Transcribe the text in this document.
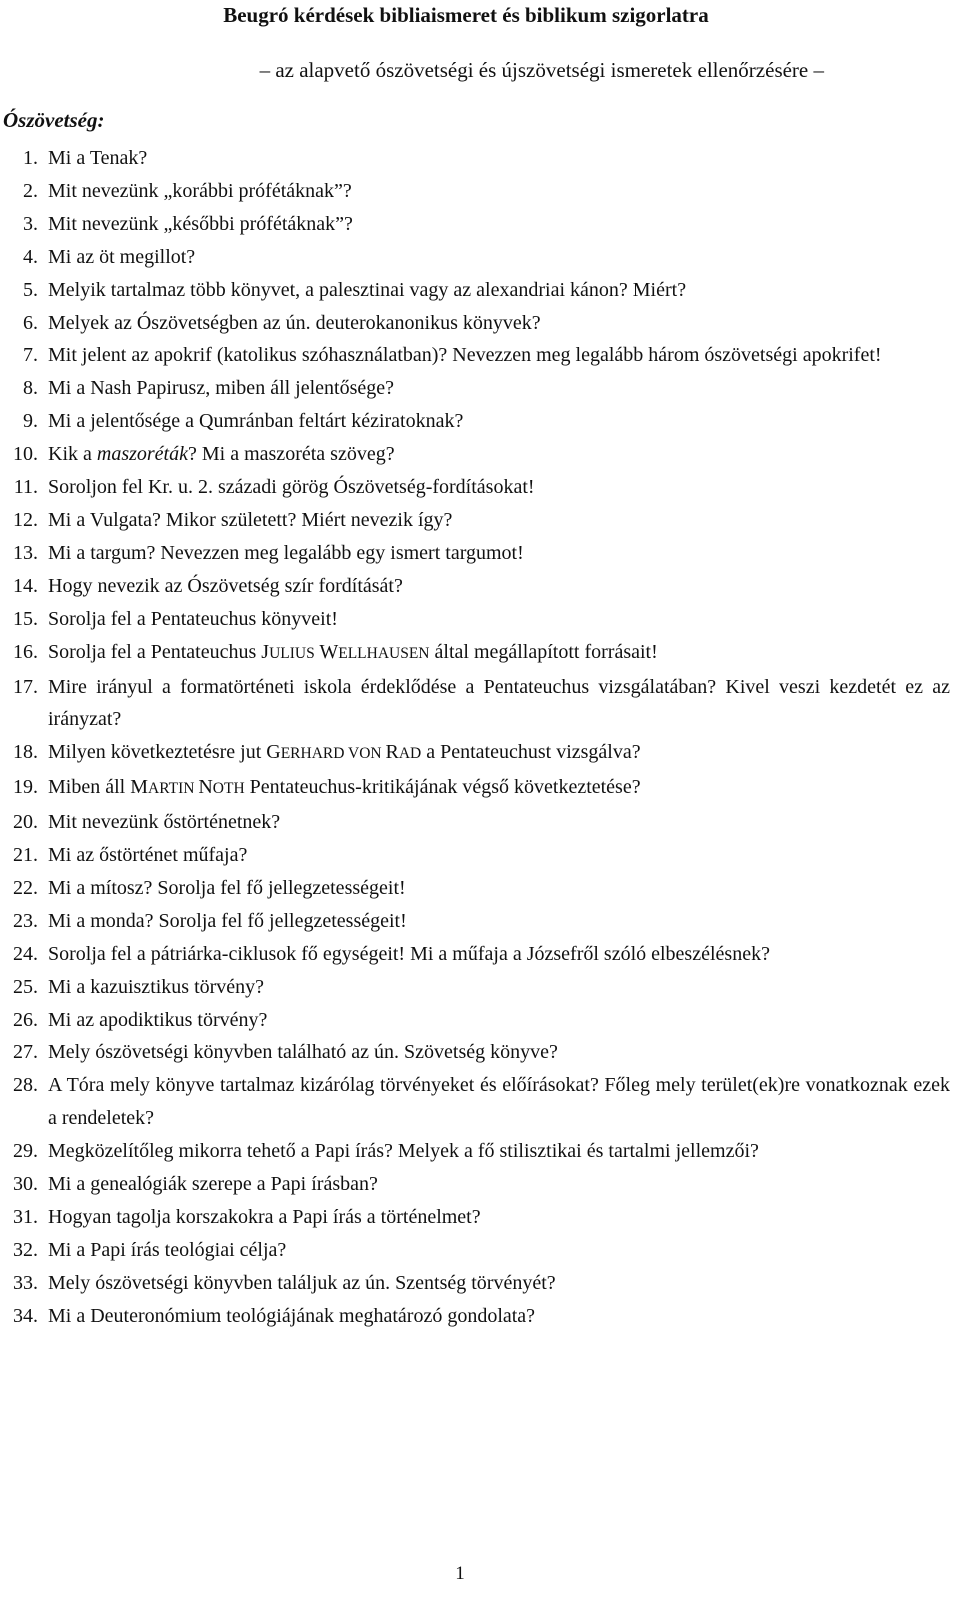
Beugró kérdések bibliaismeret és biblikum szigorlatra
– az alapvető ószövetségi és újszövetségi ismeretek ellenőrzésére –
Ószövetség:
1. Mi a Tenak?
2. Mit nevezünk „korábbi prófétáknak”?
3. Mit nevezünk „későbbi prófétáknak”?
4. Mi az öt megillot?
5. Melyik tartalmaz több könyvet, a palesztinai vagy az alexandriai kánon? Miért?
6. Melyek az Ószövetségben az ún. deuterokanonikus könyvek?
7. Mit jelent az apokrif (katolikus szóhasználatban)? Nevezzen meg legalább három ószövetségi apokrifet!
8. Mi a Nash Papirusz, miben áll jelentősége?
9. Mi a jelentősége a Qumránban feltárt kéziratoknak?
10. Kik a maszoréták? Mi a maszoréta szöveg?
11. Soroljon fel Kr. u. 2. századi görög Ószövetség-fordításokat!
12. Mi a Vulgata? Mikor született? Miért nevezik így?
13. Mi a targum? Nevezzen meg legalább egy ismert targumot!
14. Hogy nevezik az Ószövetség szír fordítását?
15. Sorolja fel a Pentateuchus könyveit!
16. Sorolja fel a Pentateuchus JULIUS WELLHAUSEN által megállapított forrásait!
17. Mire irányul a formatörténeti iskola érdeklődése a Pentateuchus vizsgálatában? Kivel veszi kezdetét ez az irányzat?
18. Milyen következtetésre jut GERHARD VON RAD a Pentateuchust vizsgálva?
19. Miben áll MARTIN NOTH Pentateuchus-kritikájának végső következtetése?
20. Mit nevezünk őstörténetnek?
21. Mi az őstörténet műfaja?
22. Mi a mítosz? Sorolja fel fő jellegzetességeit!
23. Mi a monda? Sorolja fel fő jellegzetességeit!
24. Sorolja fel a pátriárka-ciklusok fő egységeit! Mi a műfaja a Józsefről szóló elbeszélésnek?
25. Mi a kazuisztikus törvény?
26. Mi az apodiktikus törvény?
27. Mely ószövetségi könyvben található az ún. Szövetség könyve?
28. A Tóra mely könyve tartalmaz kizárólag törvényeket és előírásokat? Főleg mely terület(ek)re vonatkoznak ezek a rendeletek?
29. Megközelítőleg mikorra tehető a Papi írás? Melyek a fő stilisztikai és tartalmi jellemzői?
30. Mi a genealógiák szerepe a Papi írásban?
31. Hogyan tagolja korszakokra a Papi írás a történelmet?
32. Mi a Papi írás teológiai célja?
33. Mely ószövetségi könyvben találjuk az ún. Szentség törvényét?
34. Mi a Deuteronómium teológiájának meghatározó gondolata?
1
